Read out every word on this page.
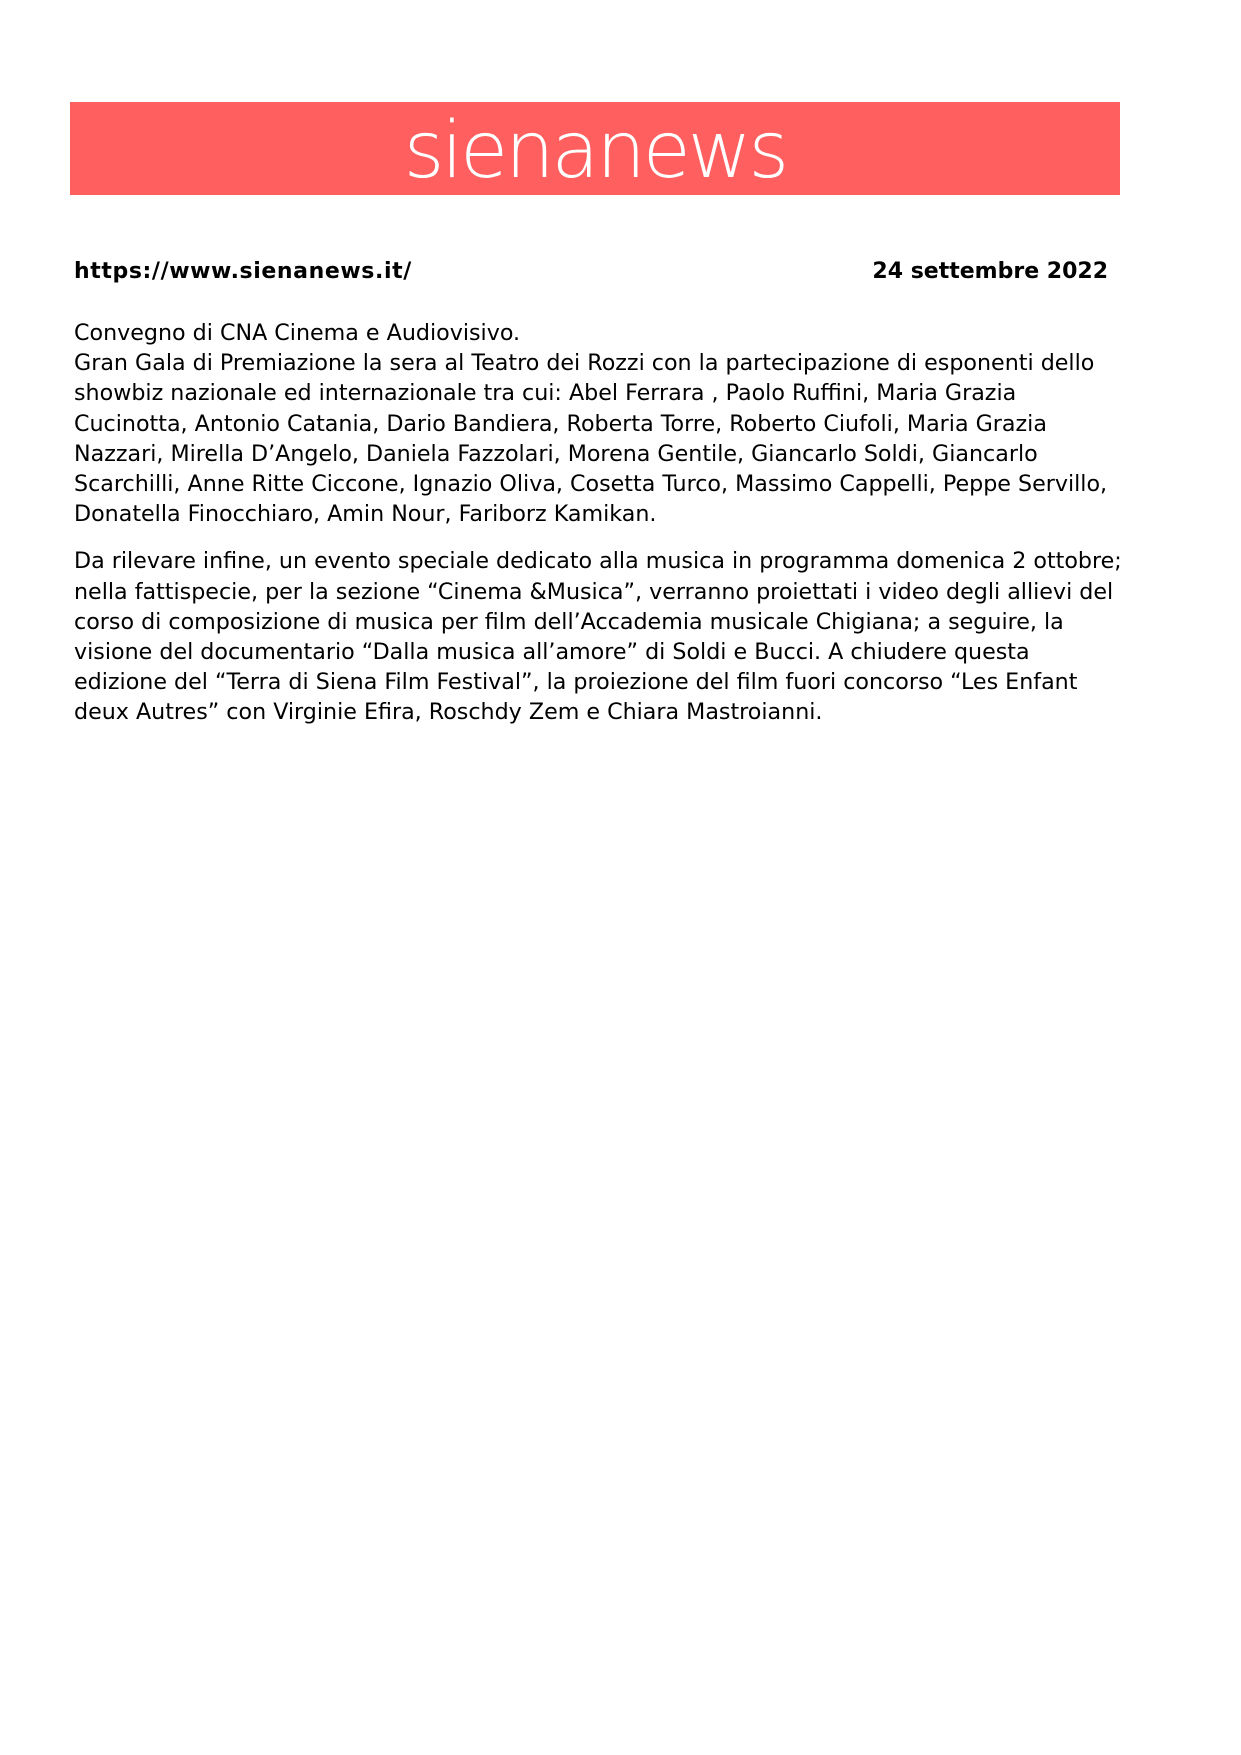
sienanews
https://www.sienanews.it/	24 settembre 2022

Convegno di CNA Cinema e Audiovisivo.

Gran Gala di Premiazione la sera al Teatro dei Rozzi con la partecipazione di esponenti dello showbiz nazionale ed internazionale tra cui: Abel Ferrara , Paolo Ruffini, Maria Grazia Cucinotta, Antonio Catania, Dario Bandiera, Roberta Torre, Roberto Ciufoli, Maria Grazia Nazzari, Mirella D’Angelo, Daniela Fazzolari, Morena Gentile, Giancarlo Soldi, Giancarlo Scarchilli, Anne Ritte Ciccone, Ignazio Oliva, Cosetta Turco, Massimo Cappelli, Peppe Servillo, Donatella Finocchiaro, Amin Nour, Fariborz Kamikan.

Da rilevare infine, un evento speciale dedicato alla musica in programma domenica 2 ottobre; nella fattispecie, per la sezione “Cinema &Musica”, verranno proiettati i video degli allievi del corso di composizione di musica per film dell’Accademia musicale Chigiana; a seguire, la visione del documentario “Dalla musica all’amore” di Soldi e Bucci. A chiudere questa edizione del “Terra di Siena Film Festival”, la proiezione del film fuori concorso “Les Enfant deux Autres” con Virginie Efira, Roschdy Zem e Chiara Mastroianni.
